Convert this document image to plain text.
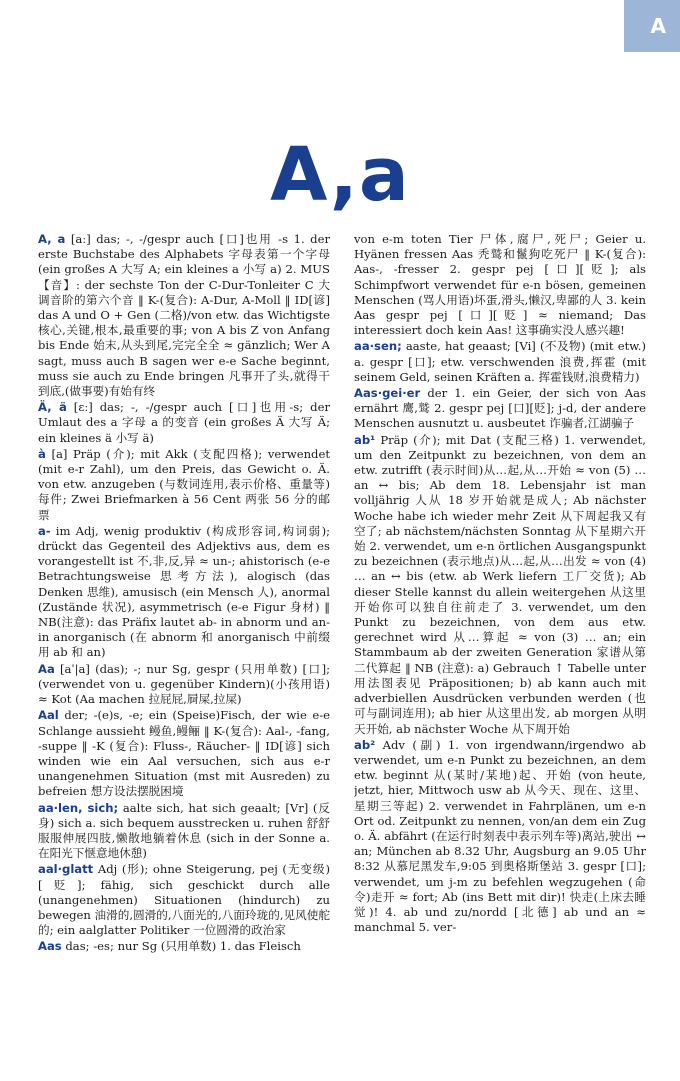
A
A,a

A, a [aː] das; -, -/gespr auch [口]也用 -s 1. der erste Buchstabe des Alphabets 字母表第一个字母 (ein großes A 大写 A; ein kleines a 小写 a) 2. MUS【音】: der sechste Ton der C-Dur-Tonleiter C 大调音阶的第六个音 ‖ K-(复合): A-Dur, A-Moll ‖ ID[谚] das A und O + Gen (二格)/von etw. das Wichtigste 核心,关键,根本,最重要的事; von A bis Z von Anfang bis Ende 始末,从头到尾,完完全全 ≈ gänzlich; Wer A sagt, muss auch B sagen wer e-e Sache beginnt, muss sie auch zu Ende bringen 凡事开了头,就得干到底,(做事要)有始有终

Ä, ä [ɛː] das; -, -/gespr auch [口]也用-s; der Umlaut des a 字母 a 的变音 (ein großes Ä 大写 Ä; ein kleines ä 小写 ä)

à [a] Präp (介); mit Akk (支配四格); verwendet (mit e-r Zahl), um den Preis, das Gewicht o. Ä. von etw. anzugeben (与数词连用,表示价格、重量等)每件; Zwei Briefmarken à 56 Cent 两张 56 分的邮票

a- im Adj, wenig produktiv (构成形容词,构词弱); drückt das Gegenteil des Adjektivs aus, dem es vorangestellt ist 不,非,反,异 ≈ un-; ahistorisch (e-e Betrachtungsweise 思考方法), alogisch (das Denken 思维), amusisch (ein Mensch 人), anormal (Zustände 状况), asymmetrisch (e-e Figur 身材) ‖ NB(注意): das Präfix lautet ab- in abnorm und an- in anorganisch (在 abnorm 和 anorganisch 中前缀用 ab 和 an)

Aa [aˈ|a] (das); -; nur Sg, gespr (只用单数) [口]; (verwendet von u. gegenüber Kindern)(小孩用语) ≈ Kot (Aa machen 拉屁屁,屙屎,拉屎)

Aal der; -(e)s, -e; ein (Speise)Fisch, der wie e-e Schlange aussieht 鳗鱼,鳗鲡 ‖ K-(复合): Aal-, -fang, -suppe ‖ -K (复合): Fluss-, Räucher- ‖ ID[谚] sich winden wie ein Aal versuchen, sich aus e-r unangenehmen Situation (mst mit Ausreden) zu befreien 想方设法摆脱困境

aa·len, sich; aalte sich, hat sich geaalt; [Vr] (反身) sich a. sich bequem ausstrecken u. ruhen 舒舒服服伸展四肢,懒散地躺着休息 (sich in der Sonne a. 在阳光下惬意地休憩)

aal·glatt Adj (形); ohne Steigerung, pej (无变级)[贬]; fähig, sich geschickt durch alle (unangenehmen) Situationen (hindurch) zu bewegen 油滑的,圆滑的,八面光的,八面玲珑的,见风使舵的; ein aalglatter Politiker 一位圆滑的政治家

Aas das; -es; nur Sg (只用单数) 1. das Fleisch

von e-m toten Tier 尸体,腐尸,死尸; Geier u. Hyänen fressen Aas 秃鹫和鬣狗吃死尸 ‖ K-(复合): Aas-, -fresser 2. gespr pej [口][贬]; als Schimpfwort verwendet für e-n bösen, gemeinen Menschen (骂人用语)坏蛋,滑头,懒汉,卑鄙的人 3. kein Aas gespr pej [口][贬] ≈ niemand; Das interessiert doch kein Aas! 这事确实没人感兴趣!

aa·sen; aaste, hat geaast; [Vi] (不及物) (mit etw.) a. gespr [口]; etw. verschwenden 浪费,挥霍 (mit seinem Geld, seinen Kräften a. 挥霍钱财,浪费精力)

Aas·gei·er der 1. ein Geier, der sich von Aas ernährt 鹰,鹫 2. gespr pej [口][贬]; j-d, der andere Menschen ausnutzt u. ausbeutet 诈骗者,江湖骗子

ab¹ Präp (介); mit Dat (支配三格) 1. verwendet, um den Zeitpunkt zu bezeichnen, von dem an etw. zutrifft (表示时间)从…起,从…开始 ≈ von (5) … an ↔ bis; Ab dem 18. Lebensjahr ist man volljährig 人从 18 岁开始就是成人; Ab nächster Woche habe ich wieder mehr Zeit 从下周起我又有空了; ab nächstem/nächsten Sonntag 从下星期六开始 2. verwendet, um e-n örtlichen Ausgangspunkt zu bezeichnen (表示地点)从…起,从…出发 ≈ von (4) … an ↔ bis (etw. ab Werk liefern 工厂交货); Ab dieser Stelle kannst du allein weitergehen 从这里开始你可以独自往前走了 3. verwendet, um den Punkt zu bezeichnen, von dem aus etw. gerechnet wird 从…算起 ≈ von (3) … an; ein Stammbaum ab der zweiten Generation 家谱从第二代算起 ‖ NB (注意): a) Gebrauch ↑ Tabelle unter 用法图表见 Präpositionen; b) ab kann auch mit adverbiellen Ausdrücken verbunden werden (也可与副词连用); ab hier 从这里出发, ab morgen 从明天开始, ab nächster Woche 从下周开始

ab² Adv (副) 1. von irgendwann/irgendwo ab verwendet, um e-n Punkt zu bezeichnen, an dem etw. beginnt 从(某时/某地)起、开始 (von heute, jetzt, hier, Mittwoch usw ab 从今天、现在、这里、星期三等起) 2. verwendet in Fahrplänen, um e-n Ort od. Zeitpunkt zu nennen, von/an dem ein Zug o. Ä. abfährt (在运行时刻表中表示列车等)离站,驶出 ↔ an; München ab 8.32 Uhr, Augsburg an 9.05 Uhr 8:32 从慕尼黑发车,9:05 到奥格斯堡站 3. gespr [口]; verwendet, um j-m zu befehlen wegzugehen (命令)走开 ≈ fort; Ab (ins Bett mit dir)! 快走(上床去睡觉)! 4. ab und zu/nordd [北德] ab und an ≈ manchmal 5. ver-
